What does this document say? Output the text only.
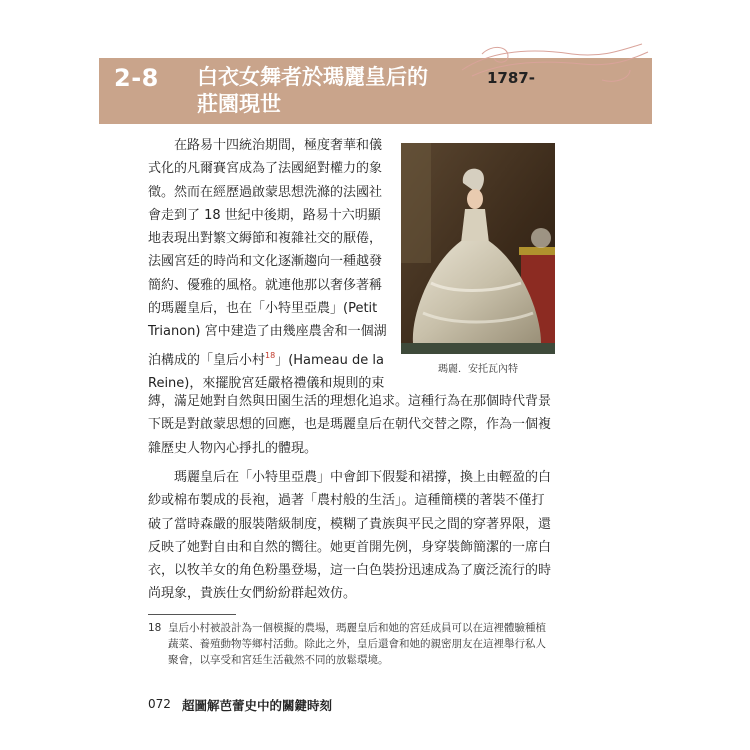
2-8 白衣女舞者於瑪麗皇后的
莊園現世
1787-
瑪麗．安托瓦內特
在路易十四統治期間，極度奢華和儀
式化的凡爾賽宮成為了法國絕對權力的象
徵。然而在經歷過啟蒙思想洗滌的法國社
會走到了 18 世紀中後期，路易十六明顯
地表現出對繁文縟節和複雜社交的厭倦，
法國宮廷的時尚和文化逐漸趨向一種越發
簡約、優雅的風格。就連他那以奢侈著稱
的瑪麗皇后，也在「小特里亞農」(Petit
Trianon) 宮中建造了由幾座農舍和一個湖
泊構成的「皇后小村$^{18}$」(Hameau de la
Reine)，來擺脫宮廷嚴格禮儀和規則的束
縛，滿足她對自然與田園生活的理想化追求。這種行為在那個時代背景
下既是對啟蒙思想的回應，也是瑪麗皇后在朝代交替之際，作為一個複
雜歷史人物內心掙扎的體現。
瑪麗皇后在「小特里亞農」中會卸下假髮和裙撐，換上由輕盈的白
紗或棉布製成的長袍，過著「農村般的生活」。這種簡樸的著裝不僅打
破了當時森嚴的服裝階級制度，模糊了貴族與平民之間的穿著界限，還
反映了她對自由和自然的嚮往。她更首開先例，身穿裝飾簡潔的一席白
衣，以牧羊女的角色粉墨登場，這一白色裝扮迅速成為了廣泛流行的時
尚現象，貴族仕女們紛紛群起效仿。
18 皇后小村被設計為一個模擬的農場，瑪麗皇后和她的宮廷成員可以在這裡體驗種植
蔬菜、養殖動物等鄉村活動。除此之外，皇后還會和她的親密朋友在這裡舉行私人
聚會，以享受和宮廷生活截然不同的放鬆環境。
072 超圖解芭蕾史中的關鍵時刻
